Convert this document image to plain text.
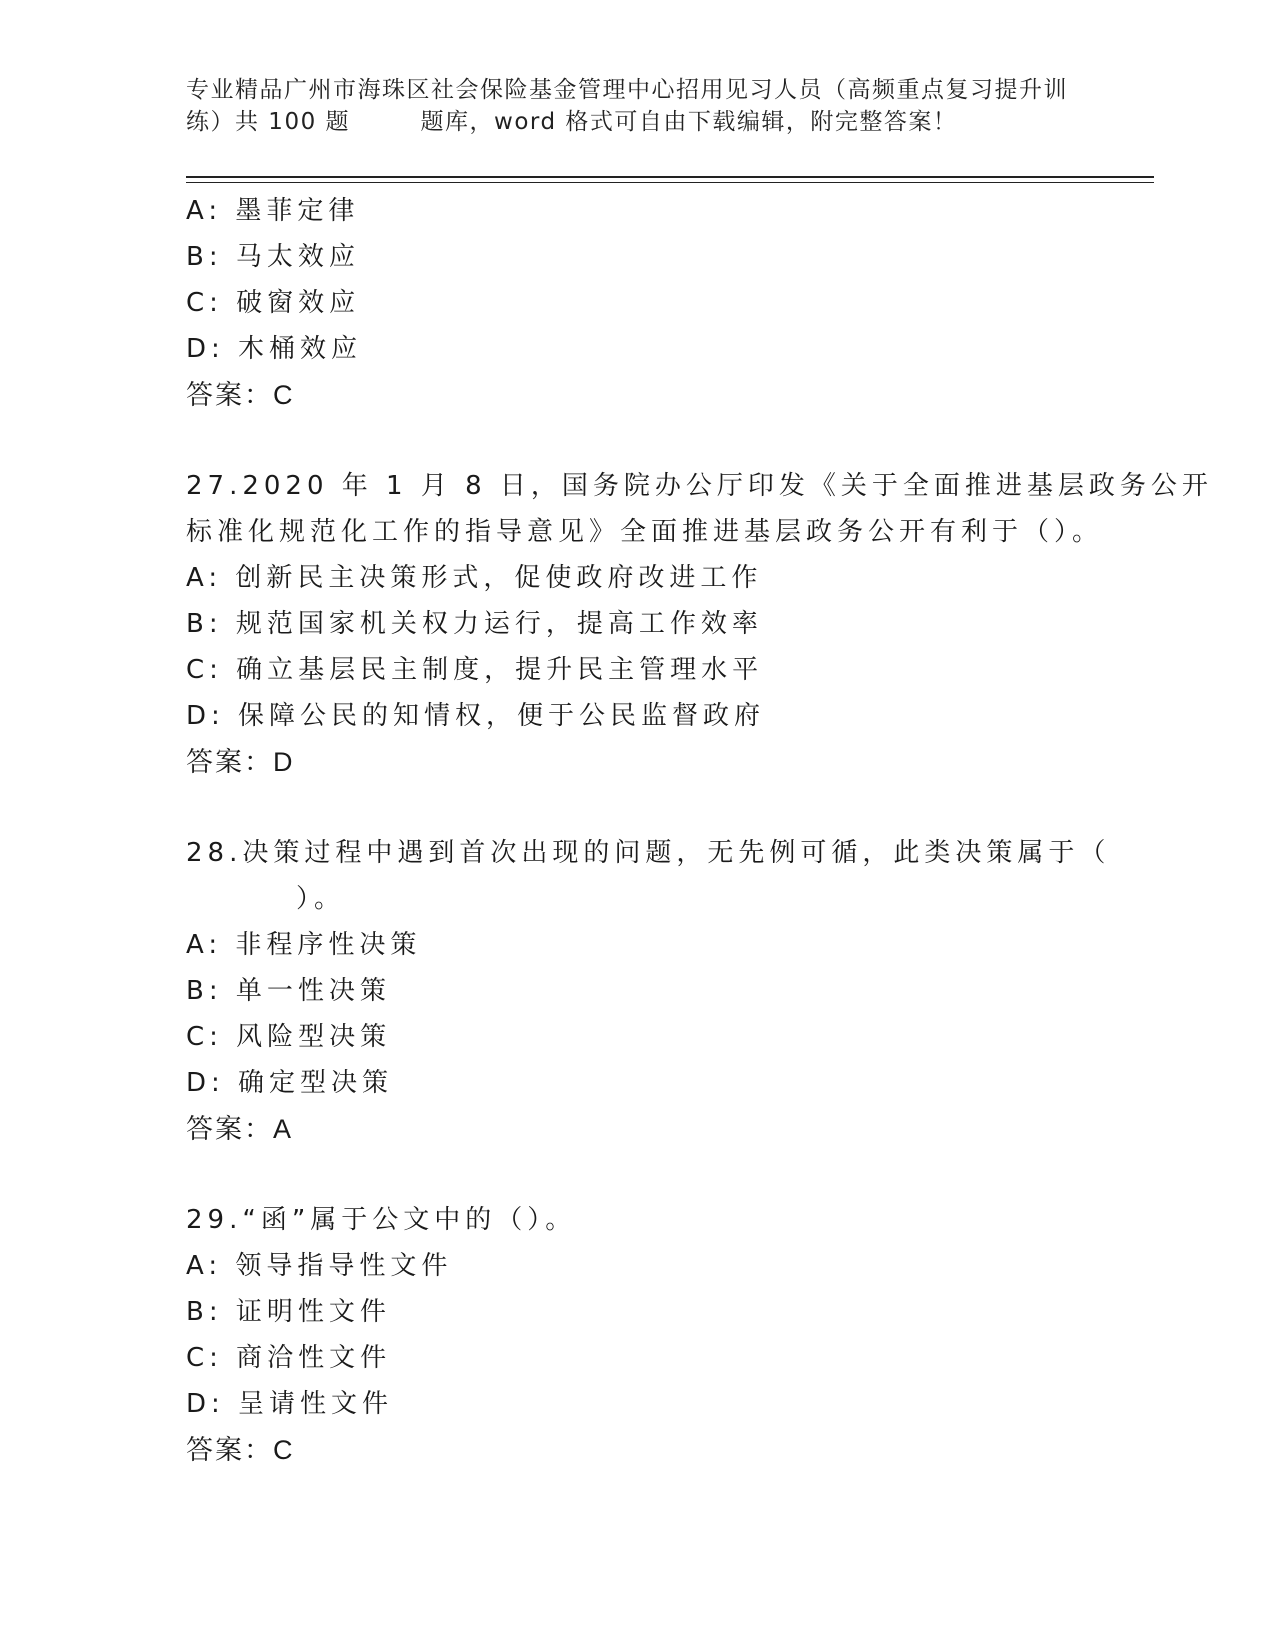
专业精品广州市海珠区社会保险基金管理中心招用见习人员（高频重点复习提升训
练）共 100 题        题库，word 格式可自由下载编辑，附完整答案！
A: 墨菲定律
B: 马太效应
C: 破窗效应
D: 木桶效应
答案：C
27.2020 年 1 月 8 日，国务院办公厅印发《关于全面推进基层政务公开
标准化规范化工作的指导意见》全面推进基层政务公开有利于（）。
A: 创新民主决策形式，促使政府改进工作
B: 规范国家机关权力运行，提高工作效率
C: 确立基层民主制度，提升民主管理水平
D: 保障公民的知情权，便于公民监督政府
答案：D
28.决策过程中遇到首次出现的问题，无先例可循，此类决策属于（
）。
A: 非程序性决策
B: 单一性决策
C: 风险型决策
D: 确定型决策
答案：A
29.“函”属于公文中的（）。
A: 领导指导性文件
B: 证明性文件
C: 商洽性文件
D: 呈请性文件
答案：C
